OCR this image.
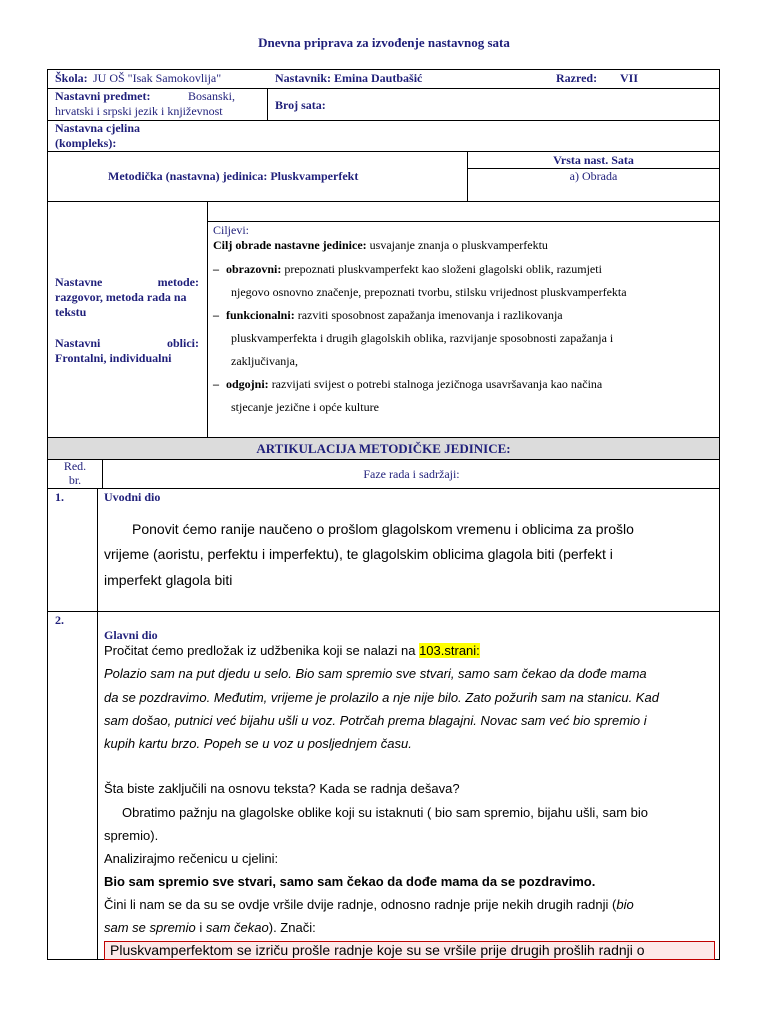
Dnevna priprava za izvođenje nastavnog sata
Škola: JU OŠ "Isak Samokovlija"	Nastavnik: Emina Dautbašić	Razred: VII
Nastavni predmet:	Bosanski, hrvatski i srpski jezik i književnost	Broj sata:
Nastavna cjelina (kompleks):
Metodička (nastavna) jedinica: Pluskvamperfekt
Vrsta nast. Sata
a) Obrada
Nastavne metode:
razgovor, metoda rada na tekstu
Nastavni oblici:
Frontalni, individualni
Ciljevi:
Cilj obrade nastavne jedinice: usvajanje znanja o pluskvamperfektu
– obrazovni: prepoznati pluskvamperfekt kao složeni glagolski oblik, razumjeti
njegovo osnovno značenje, prepoznati tvorbu, stilsku vrijednost pluskvamperfekta
– funkcionalni: razviti sposobnost zapažanja imenovanja i razlikovanja
pluskvamperfekta i drugih glagolskih oblika, razvijanje sposobnosti zapažanja i
zaključivanja,
– odgojni: razvijati svijest o potrebi stalnoga jezičnoga usavršavanja kao načina
stjecanje jezične i opće kulture
ARTIKULACIJA METODIČKE JEDINICE:
Red. br.	Faze rada i sadržaji:
1.	Uvodni dio
Ponovit ćemo ranije naučeno o prošlom glagolskom vremenu i oblicima za prošlo
vrijeme (aoristu, perfektu i imperfektu), te glagolskim oblicima glagola biti (perfekt i
imperfekt glagola biti
2.
Glavni dio
Pročitat ćemo predložak iz udžbenika koji se nalazi na 103.strani:
Polazio sam na put djedu u selo. Bio sam spremio sve stvari, samo sam čekao da dođe mama
da se pozdravimo. Međutim, vrijeme je prolazilo a nje nije bilo. Zato požurih sam na stanicu. Kad
sam došao, putnici već bijahu ušli u voz. Potrčah prema blagajni. Novac sam već bio spremio i
kupih kartu brzo. Popeh se u voz u posljednjem času.
Šta biste zaključili na osnovu teksta? Kada se radnja dešava?
Obratimo pažnju na glagolske oblike koji su istaknuti ( bio sam spremio, bijahu ušli, sam bio
spremio).
Analizirajmo rečenicu u cjelini:
Bio sam spremio sve stvari, samo sam čekao da dođe mama da se pozdravimo.
Čini li nam se da su se ovdje vršile dvije radnje, odnosno radnje prije nekih drugih radnji (bio
sam se spremio i sam čekao). Znači:
Pluskvamperfektom se izriču prošle radnje koje su se vršile prije drugih prošlih radnji o
